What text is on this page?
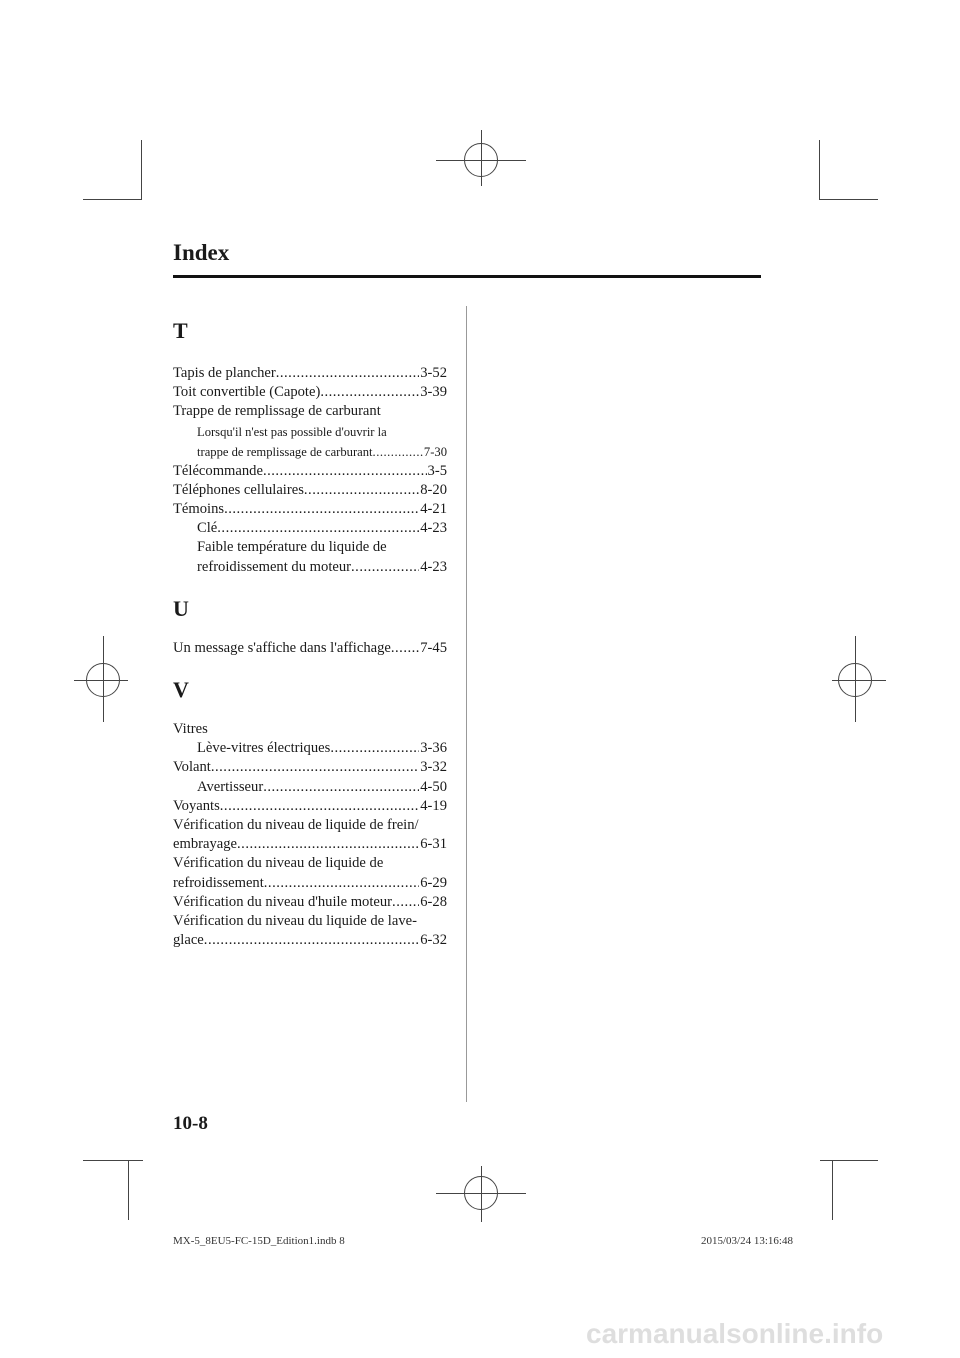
Index

T

Tapis de plancher .....	3-52
Toit convertible (Capote) .....	3-39
Trappe de remplissage de carburant
Lorsqu'il n'est pas possible d'ouvrir la
trappe de remplissage de carburant .....	7-30
Télécommande .....	3-5
Téléphones cellulaires .....	8-20
Témoins .....	4-21
Clé .....	4-23
Faible température du liquide de
refroidissement du moteur .....	4-23

U

Un message s'affiche dans l'affichage ..... 7-45

V

Vitres
Lève-vitres électriques .....	3-36
Volant .....	3-32
Avertisseur .....	4-50
Voyants .....	4-19
Vérification du niveau de liquide de frein/
embrayage .....	6-31
Vérification du niveau de liquide de
refroidissement .....	6-29
Vérification du niveau d'huile moteur ..... 6-28
Vérification du niveau du liquide de lave-
glace .....	6-32
10-8
MX-5_8EU5-FC-15D_Edition1.indb 8	2015/03/24 13:16:48
carmanualsonline.info
